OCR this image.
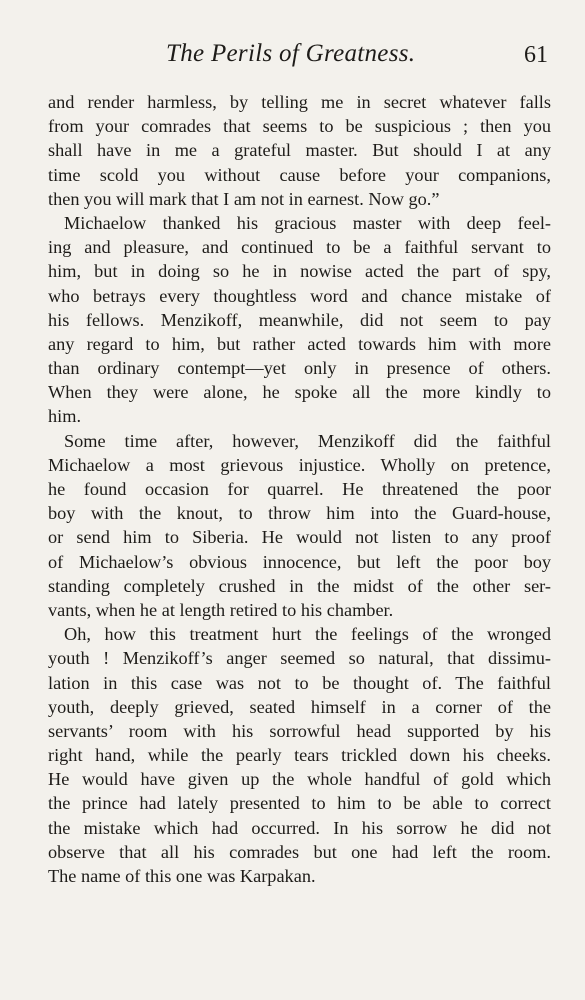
The Perils of Greatness.	61
and render harmless, by telling me in secret whatever falls
from your comrades that seems to be suspicious ; then you
shall have in me a grateful master. But should I at any
time scold you without cause before your companions,
then you will mark that I am not in earnest. Now go.”
Michaelow thanked his gracious master with deep feel-
ing and pleasure, and continued to be a faithful servant to
him, but in doing so he in nowise acted the part of spy,
who betrays every thoughtless word and chance mistake of
his fellows. Menzikoff, meanwhile, did not seem to pay
any regard to him, but rather acted towards him with more
than ordinary contempt—yet only in presence of others.
When they were alone, he spoke all the more kindly to
him.
Some time after, however, Menzikoff did the faithful
Michaelow a most grievous injustice. Wholly on pretence,
he found occasion for quarrel. He threatened the poor
boy with the knout, to throw him into the Guard-house,
or send him to Siberia. He would not listen to any proof
of Michaelow’s obvious innocence, but left the poor boy
standing completely crushed in the midst of the other ser-
vants, when he at length retired to his chamber.
Oh, how this treatment hurt the feelings of the wronged
youth ! Menzikoff’s anger seemed so natural, that dissimu-
lation in this case was not to be thought of. The faithful
youth, deeply grieved, seated himself in a corner of the
servants’ room with his sorrowful head supported by his
right hand, while the pearly tears trickled down his cheeks.
He would have given up the whole handful of gold which
the prince had lately presented to him to be able to correct
the mistake which had occurred. In his sorrow he did not
observe that all his comrades but one had left the room.
The name of this one was Karpakan.
